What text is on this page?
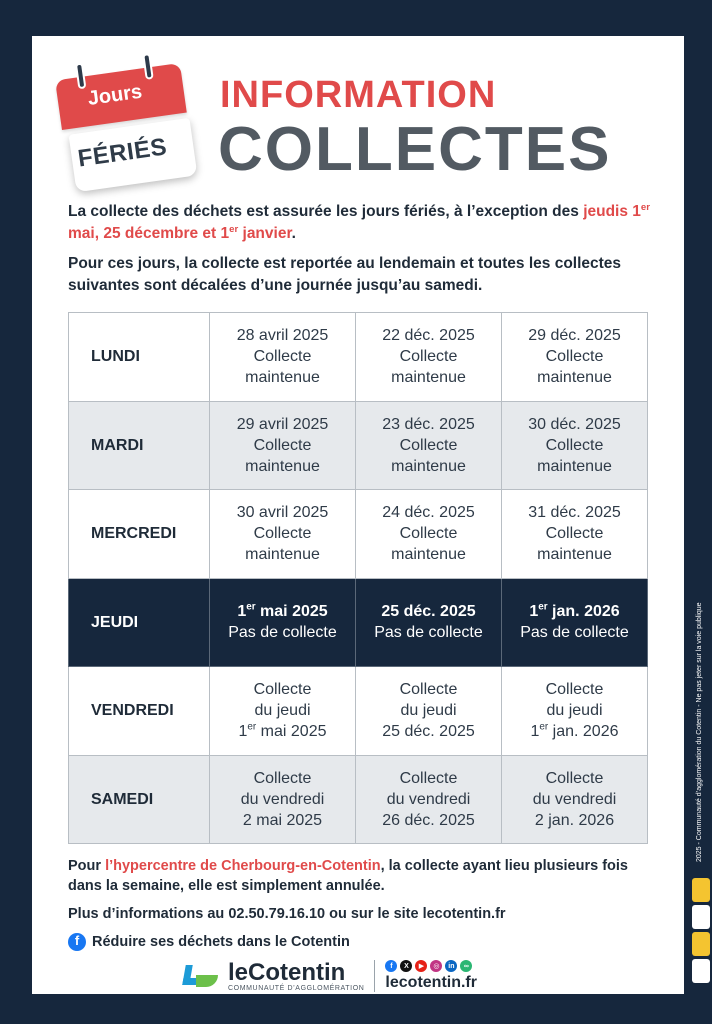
Jours
FÉRIÉS
INFORMATION
COLLECTES

La collecte des déchets est assurée les jours fériés, à l’exception des jeudis 1er mai, 25 décembre et 1er janvier.

Pour ces jours, la collecte est reportée au lendemain et toutes les collectes suivantes sont décalées d’une journée jusqu’au samedi.

LUNDI	28 avril 2025
Collecte
maintenue	22 déc. 2025
Collecte
maintenue	29 déc. 2025
Collecte
maintenue
MARDI	29 avril 2025
Collecte
maintenue	23 déc. 2025
Collecte
maintenue	30 déc. 2025
Collecte
maintenue
MERCREDI	30 avril 2025
Collecte
maintenue	24 déc. 2025
Collecte
maintenue	31 déc. 2025
Collecte
maintenue
JEUDI	1er mai 2025
Pas de collecte	25 déc. 2025
Pas de collecte	1er jan. 2026
Pas de collecte
VENDREDI	Collecte
du jeudi
1er mai 2025	Collecte
du jeudi
25 déc. 2025	Collecte
du jeudi
1er jan. 2026
SAMEDI	Collecte
du vendredi
2 mai 2025	Collecte
du vendredi
26 déc. 2025	Collecte
du vendredi
2 jan. 2026

Pour l’hypercentre de Cherbourg-en-Cotentin, la collecte ayant lieu plusieurs fois dans la semaine, elle est simplement annulée.

Plus d’informations au 02.50.79.16.10 ou sur le site lecotentin.fr

f Réduire ses déchets dans le Cotentin
leCotentin
COMMUNAUTÉ D’AGGLOMÉRATION
f	X	▶	◎	in	∞
lecotentin.fr
2025 - Communauté d’agglomération du Cotentin - Ne pas jeter sur la voie publique
